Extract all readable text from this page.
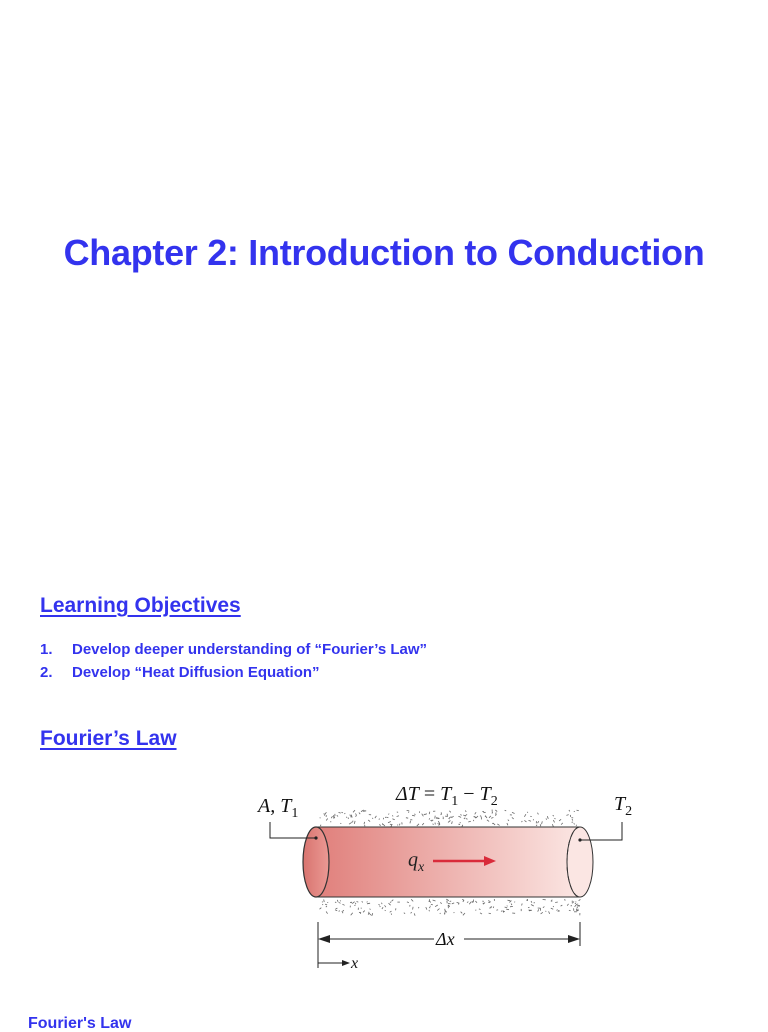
Chapter 2: Introduction to Conduction
Learning Objectives
1. Develop deeper understanding of “Fourier’s Law”
2. Develop “Heat Diffusion Equation”
Fourier’s Law
A, $T_1$
$\Delta T = T_1 - T_2$	$T_2$
$q_x$
Δx
x
Fourier's Law
